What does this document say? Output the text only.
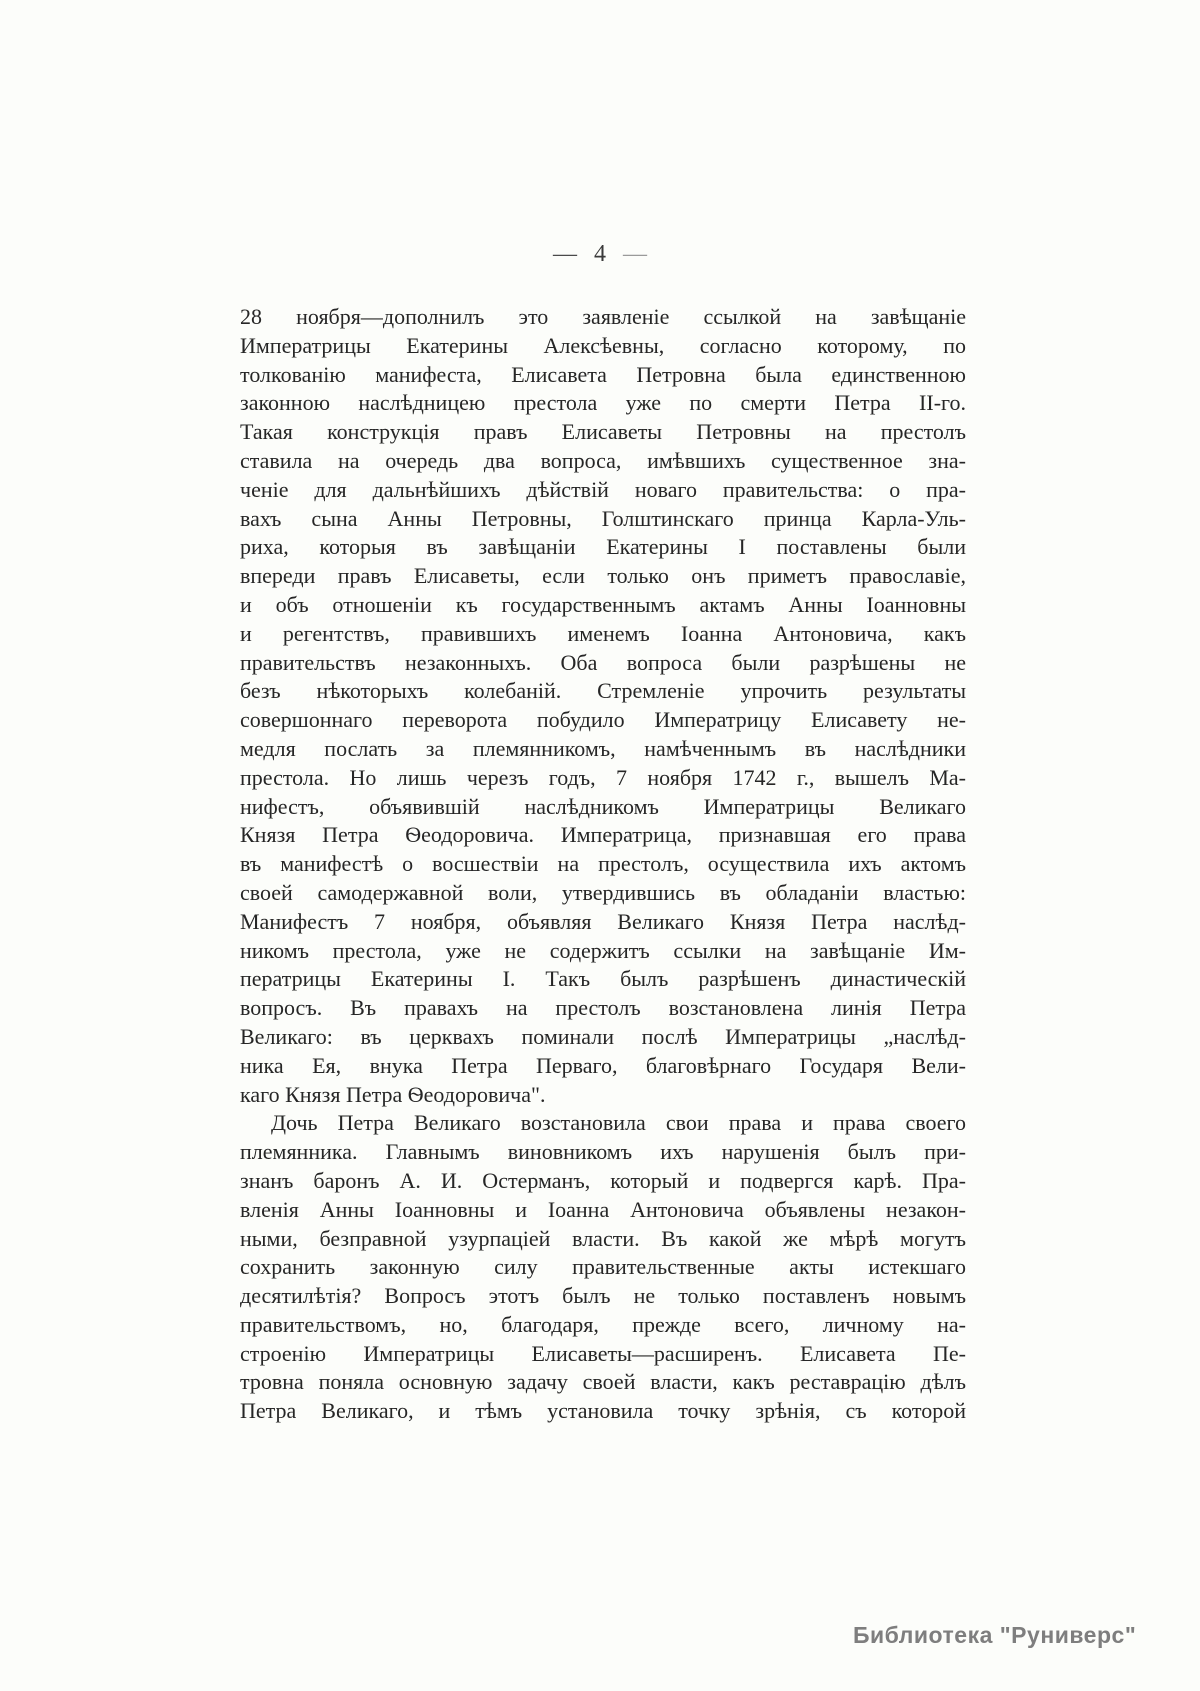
— 4 —
28 ноября—дополнилъ это заявленіе ссылкой на завѣщаніе
Императрицы Екатерины Алексѣевны, согласно которому, по
толкованію манифеста, Елисавета Петровна была единственною
законною наслѣдницею престола уже по смерти Петра II-го.
Такая конструкція правъ Елисаветы Петровны на престолъ
ставила на очередь два вопроса, имѣвшихъ существенное зна-
ченіе для дальнѣйшихъ дѣйствій новаго правительства: о пра-
вахъ сына Анны Петровны, Голштинскаго принца Карла-Уль-
риха, которыя въ завѣщаніи Екатерины I поставлены были
впереди правъ Елисаветы, если только онъ приметъ православіе,
и объ отношеніи къ государственнымъ актамъ Анны Іоанновны
и регентствъ, правившихъ именемъ Іоанна Антоновича, какъ
правительствъ незаконныхъ. Оба вопроса были разрѣшены не
безъ нѣкоторыхъ колебаній. Стремленіе упрочить результаты
совершоннаго переворота побудило Императрицу Елисавету не-
медля послать за племянникомъ, намѣченнымъ въ наслѣдники
престола. Но лишь черезъ годъ, 7 ноября 1742 г., вышелъ Ма-
нифестъ, объявившій наслѣдникомъ Императрицы Великаго
Князя Петра Ѳеодоровича. Императрица, признавшая его права
въ манифестѣ о восшествіи на престолъ, осуществила ихъ актомъ
своей самодержавной воли, утвердившись въ обладаніи властью:
Манифестъ 7 ноября, объявляя Великаго Князя Петра наслѣд-
никомъ престола, уже не содержитъ ссылки на завѣщаніе Им-
ператрицы Екатерины I. Такъ былъ разрѣшенъ династическій
вопросъ. Въ правахъ на престолъ возстановлена линія Петра
Великаго: въ церквахъ поминали послѣ Императрицы „наслѣд-
ника Ея, внука Петра Перваго, благовѣрнаго Государя Вели-
каго Князя Петра Ѳеодоровича".
Дочь Петра Великаго возстановила свои права и права своего
племянника. Главнымъ виновникомъ ихъ нарушенія былъ при-
знанъ баронъ А. И. Остерманъ, который и подвергся карѣ. Пра-
вленія Анны Іоанновны и Іоанна Антоновича объявлены незакон-
ными, безправной узурпаціей власти. Въ какой же мѣрѣ могутъ
сохранить законную силу правительственные акты истекшаго
десятилѣтія? Вопросъ этотъ былъ не только поставленъ новымъ
правительствомъ, но, благодаря, прежде всего, личному на-
строенію Императрицы Елисаветы—расширенъ. Елисавета Пе-
тровна поняла основную задачу своей власти, какъ реставрацію дѣлъ
Петра Великаго, и тѣмъ установила точку зрѣнія, съ которой
Библиотека "Руниверс"
